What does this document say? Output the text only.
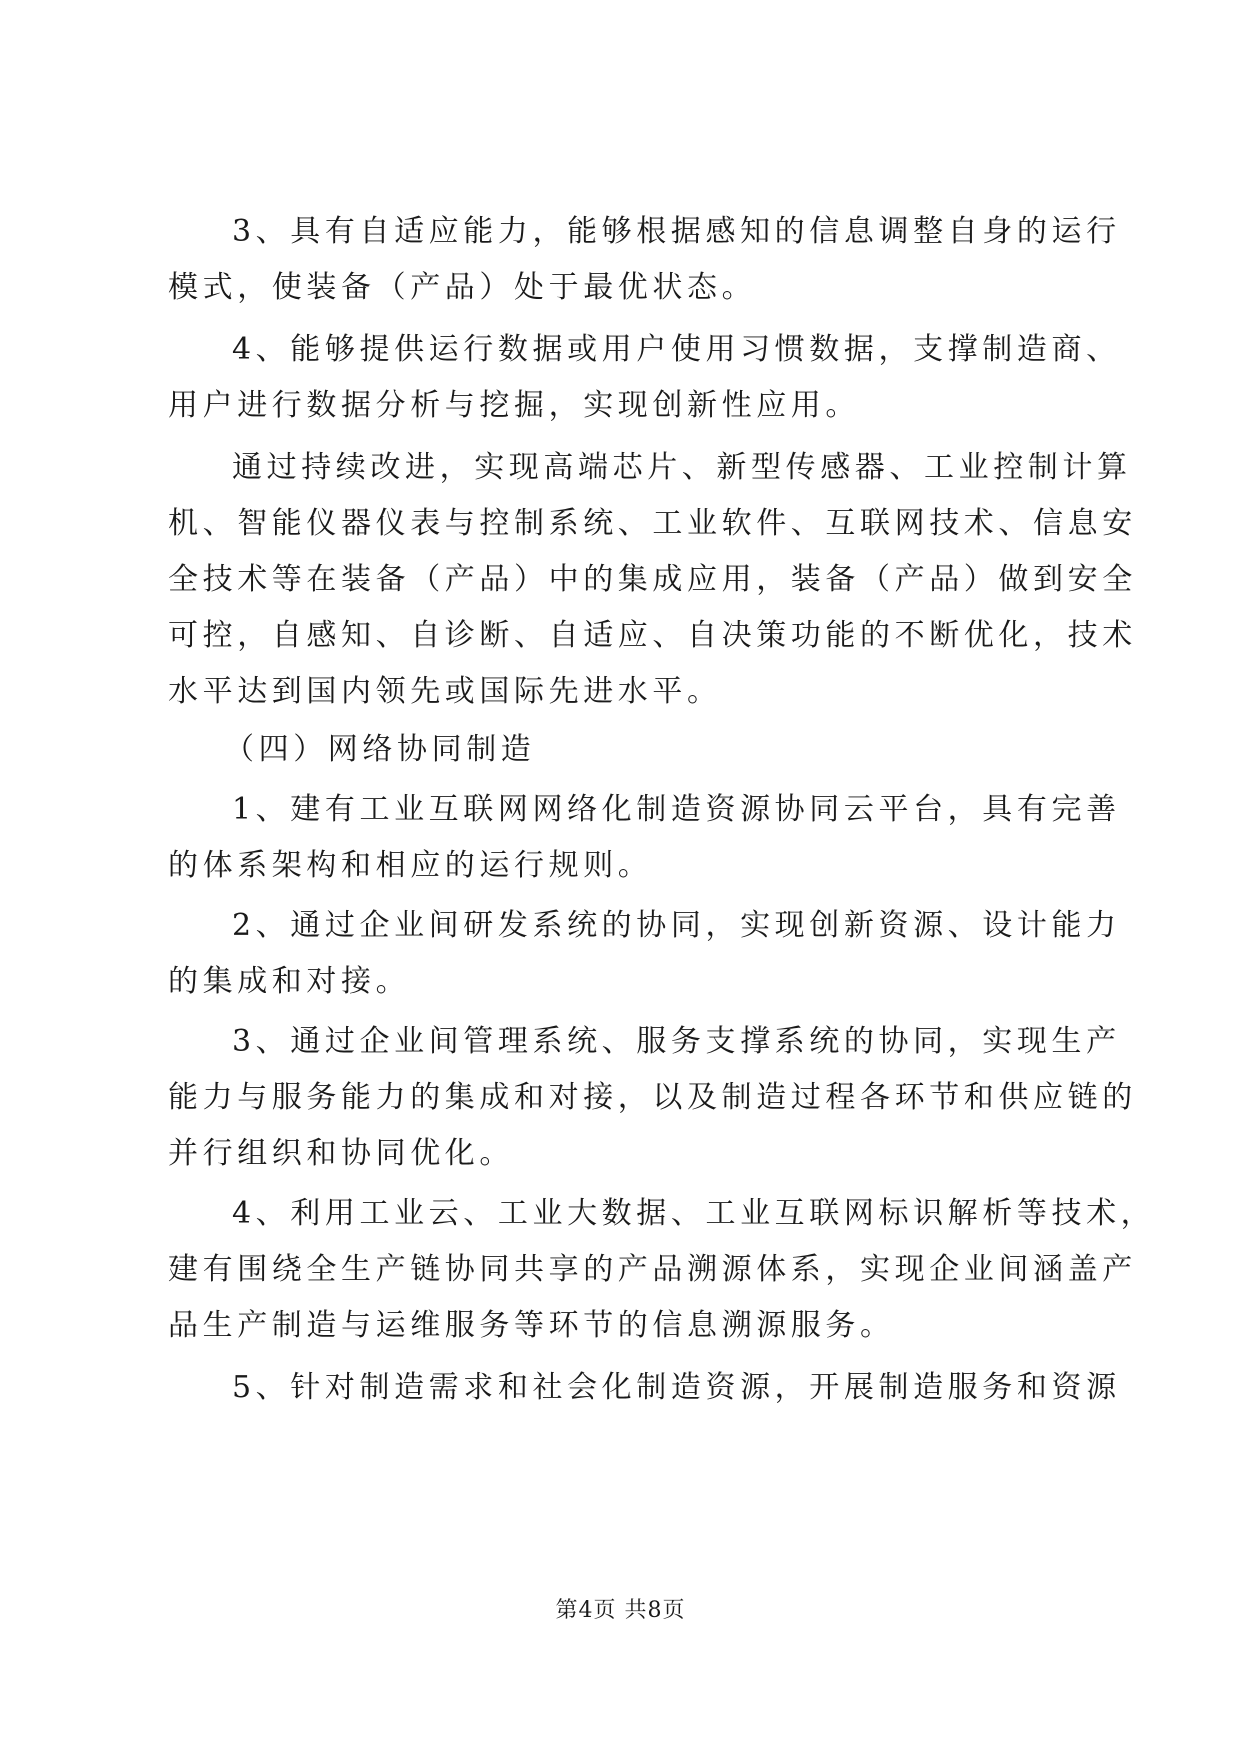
3、具有自适应能力，能够根据感知的信息调整自身的运行
模式，使装备（产品）处于最优状态。
4、能够提供运行数据或用户使用习惯数据，支撑制造商、
用户进行数据分析与挖掘，实现创新性应用。
通过持续改进，实现高端芯片、新型传感器、工业控制计算
机、智能仪器仪表与控制系统、工业软件、互联网技术、信息安
全技术等在装备（产品）中的集成应用，装备（产品）做到安全
可控，自感知、自诊断、自适应、自决策功能的不断优化，技术
水平达到国内领先或国际先进水平。
（四）网络协同制造
1、建有工业互联网网络化制造资源协同云平台，具有完善
的体系架构和相应的运行规则。
2、通过企业间研发系统的协同，实现创新资源、设计能力
的集成和对接。
3、通过企业间管理系统、服务支撑系统的协同，实现生产
能力与服务能力的集成和对接，以及制造过程各环节和供应链的
并行组织和协同优化。
4、利用工业云、工业大数据、工业互联网标识解析等技术，
建有围绕全生产链协同共享的产品溯源体系，实现企业间涵盖产
品生产制造与运维服务等环节的信息溯源服务。
5、针对制造需求和社会化制造资源，开展制造服务和资源
第4页 共8页
